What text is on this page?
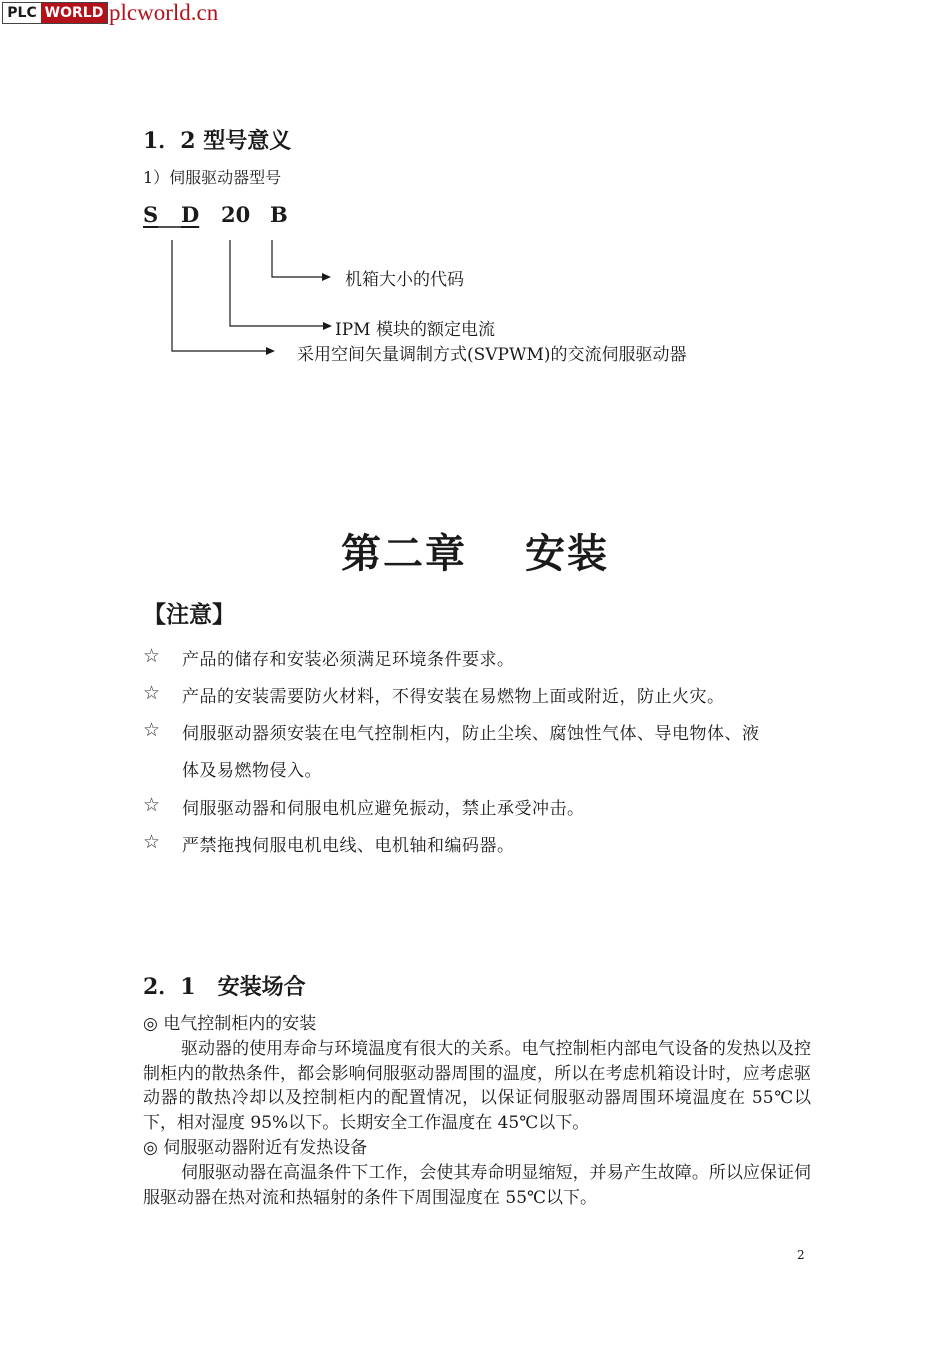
PLC WORLD plcworld.cn
1．2 型号意义
1）伺服驱动器型号
S D 20 B
机箱大小的代码
IPM 模块的额定电流
采用空间矢量调制方式(SVPWM)的交流伺服驱动器
第二章　 安装
【注意】
☆ 产品的储存和安装必须满足环境条件要求。
☆ 产品的安装需要防火材料，不得安装在易燃物上面或附近，防止火灾。
☆ 伺服驱动器须安装在电气控制柜内，防止尘埃、腐蚀性气体、导电物体、液
体及易燃物侵入。
☆ 伺服驱动器和伺服电机应避免振动，禁止承受冲击。
☆ 严禁拖拽伺服电机电线、电机轴和编码器。
2．1　安装场合
◎ 电气控制柜内的安装
驱动器的使用寿命与环境温度有很大的关系。电气控制柜内部电气设备的发热以及控制柜内的散热条件，都会影响伺服驱动器周围的温度，所以在考虑机箱设计时，应考虑驱动器的散热冷却以及控制柜内的配置情况，以保证伺服驱动器周围环境温度在 55℃以下，相对湿度 95%以下。长期安全工作温度在 45℃以下。
◎ 伺服驱动器附近有发热设备
伺服驱动器在高温条件下工作，会使其寿命明显缩短，并易产生故障。所以应保证伺服驱动器在热对流和热辐射的条件下周围湿度在 55℃以下。
2
